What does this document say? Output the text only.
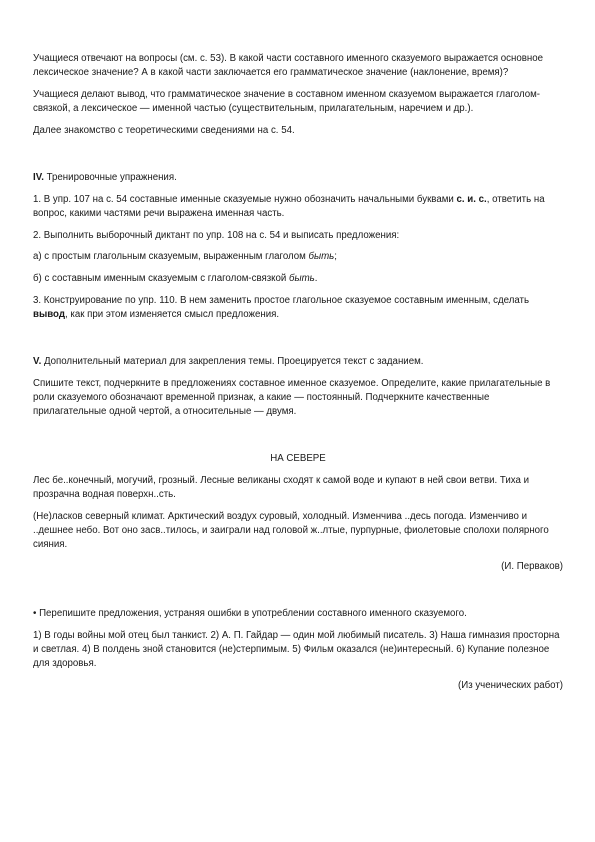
Учащиеся отвечают на вопросы (см. с. 53). В какой части составного именного сказуемого выражается основное лексическое значение? А в какой части заключается его грамматическое значение (наклонение, время)?

Учащиеся делают вывод, что грамматическое значение в составном именном сказуемом выражается глаголом-связкой, а лексическое — именной частью (существительным, прилагательным, наречием и др.).

Далее знакомство с теоретическими сведениями на с. 54.

IV. Тренировочные упражнения.

1. В упр. 107 на с. 54 составные именные сказуемые нужно обозначить начальными буквами с. и. с., ответить на вопрос, какими частями речи выражена именная часть.

2. Выполнить выборочный диктант по упр. 108 на с. 54 и выписать предложения:

а) с простым глагольным сказуемым, выраженным глаголом быть;

б) с составным именным сказуемым с глаголом-связкой быть.

3. Конструирование по упр. 110. В нем заменить простое глагольное сказуемое составным именным, сделать вывод, как при этом изменяется смысл предложения.

V. Дополнительный материал для закрепления темы. Проецируется текст с заданием.

Спишите текст, подчеркните в предложениях составное именное сказуемое. Определите, какие прилагательные в роли сказуемого обозначают временной признак, а какие — постоянный. Подчеркните качественные прилагательные одной чертой, а относительные — двумя.

НА СЕВЕРЕ

Лес бе..конечный, могучий, грозный. Лесные великаны сходят к самой воде и купают в ней свои ветви. Тиха и прозрачна водная поверхн..сть.

(Не)ласков северный климат. Арктический воздух суровый, холодный. Изменчива ..десь погода. Изменчиво и ..дешнее небо. Вот оно засв..тилось, и заиграли над головой ж..лтые, пурпурные, фиолетовые сполохи полярного сияния.

(И. Перваков)

• Перепишите предложения, устраняя ошибки в употреблении составного именного сказуемого.

1) В годы войны мой отец был танкист. 2) А. П. Гайдар — один мой любимый писатель. 3) Наша гимназия просторна и светлая. 4) В полдень зной становится (не)стерпимым. 5) Фильм оказался (не)интересный. 6) Купание полезное для здоровья.

(Из ученических работ)
